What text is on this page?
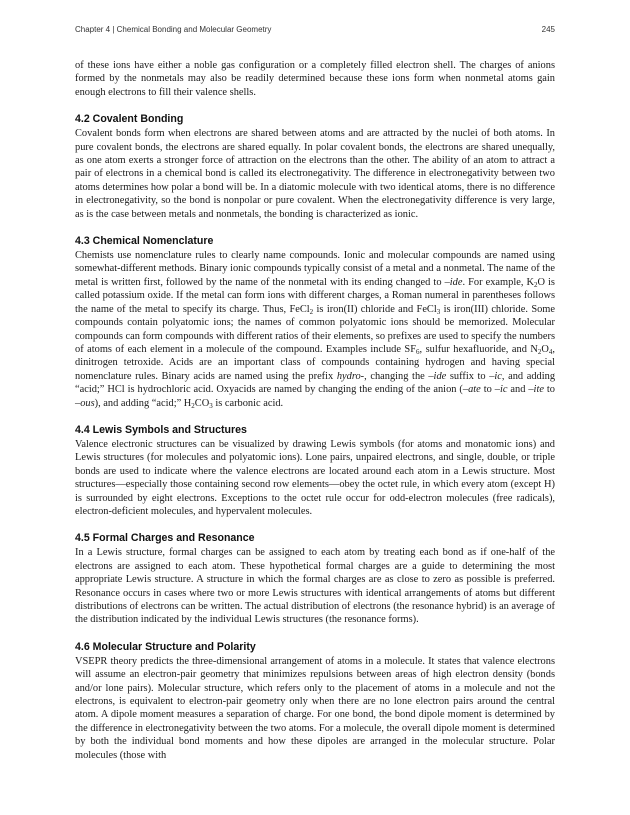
Chapter 4 | Chemical Bonding and Molecular Geometry	245

of these ions have either a noble gas configuration or a completely filled electron shell. The charges of anions formed by the nonmetals may also be readily determined because these ions form when nonmetal atoms gain enough electrons to fill their valence shells.

4.2 Covalent Bonding

Covalent bonds form when electrons are shared between atoms and are attracted by the nuclei of both atoms. In pure covalent bonds, the electrons are shared equally. In polar covalent bonds, the electrons are shared unequally, as one atom exerts a stronger force of attraction on the electrons than the other. The ability of an atom to attract a pair of electrons in a chemical bond is called its electronegativity. The difference in electronegativity between two atoms determines how polar a bond will be. In a diatomic molecule with two identical atoms, there is no difference in electronegativity, so the bond is nonpolar or pure covalent. When the electronegativity difference is very large, as is the case between metals and nonmetals, the bonding is characterized as ionic.

4.3 Chemical Nomenclature

Chemists use nomenclature rules to clearly name compounds. Ionic and molecular compounds are named using somewhat-different methods. Binary ionic compounds typically consist of a metal and a nonmetal. The name of the metal is written first, followed by the name of the nonmetal with its ending changed to –ide. For example, $K_2O$ is called potassium oxide. If the metal can form ions with different charges, a Roman numeral in parentheses follows the name of the metal to specify its charge. Thus, FeCl$_2$ is iron(II) chloride and FeCl$_3$ is iron(III) chloride. Some compounds contain polyatomic ions; the names of common polyatomic ions should be memorized. Molecular compounds can form compounds with different ratios of their elements, so prefixes are used to specify the numbers of atoms of each element in a molecule of the compound. Examples include $SF_6$, sulfur hexafluoride, and $N_2O_4$, dinitrogen tetroxide. Acids are an important class of compounds containing hydrogen and having special nomenclature rules. Binary acids are named using the prefix hydro-, changing the –ide suffix to –ic, and adding “acid;” HCl is hydrochloric acid. Oxyacids are named by changing the ending of the anion (–ate to –ic and –ite to –ous), and adding “acid;” $H_2CO_3$ is carbonic acid.

4.4 Lewis Symbols and Structures

Valence electronic structures can be visualized by drawing Lewis symbols (for atoms and monatomic ions) and Lewis structures (for molecules and polyatomic ions). Lone pairs, unpaired electrons, and single, double, or triple bonds are used to indicate where the valence electrons are located around each atom in a Lewis structure. Most structures—especially those containing second row elements—obey the octet rule, in which every atom (except H) is surrounded by eight electrons. Exceptions to the octet rule occur for odd-electron molecules (free radicals), electron-deficient molecules, and hypervalent molecules.

4.5 Formal Charges and Resonance

In a Lewis structure, formal charges can be assigned to each atom by treating each bond as if one-half of the electrons are assigned to each atom. These hypothetical formal charges are a guide to determining the most appropriate Lewis structure. A structure in which the formal charges are as close to zero as possible is preferred. Resonance occurs in cases where two or more Lewis structures with identical arrangements of atoms but different distributions of electrons can be written. The actual distribution of electrons (the resonance hybrid) is an average of the distribution indicated by the individual Lewis structures (the resonance forms).

4.6 Molecular Structure and Polarity

VSEPR theory predicts the three-dimensional arrangement of atoms in a molecule. It states that valence electrons will assume an electron-pair geometry that minimizes repulsions between areas of high electron density (bonds and/or lone pairs). Molecular structure, which refers only to the placement of atoms in a molecule and not the electrons, is equivalent to electron-pair geometry only when there are no lone electron pairs around the central atom. A dipole moment measures a separation of charge. For one bond, the bond dipole moment is determined by the difference in electronegativity between the two atoms. For a molecule, the overall dipole moment is determined by both the individual bond moments and how these dipoles are arranged in the molecular structure. Polar molecules (those with
